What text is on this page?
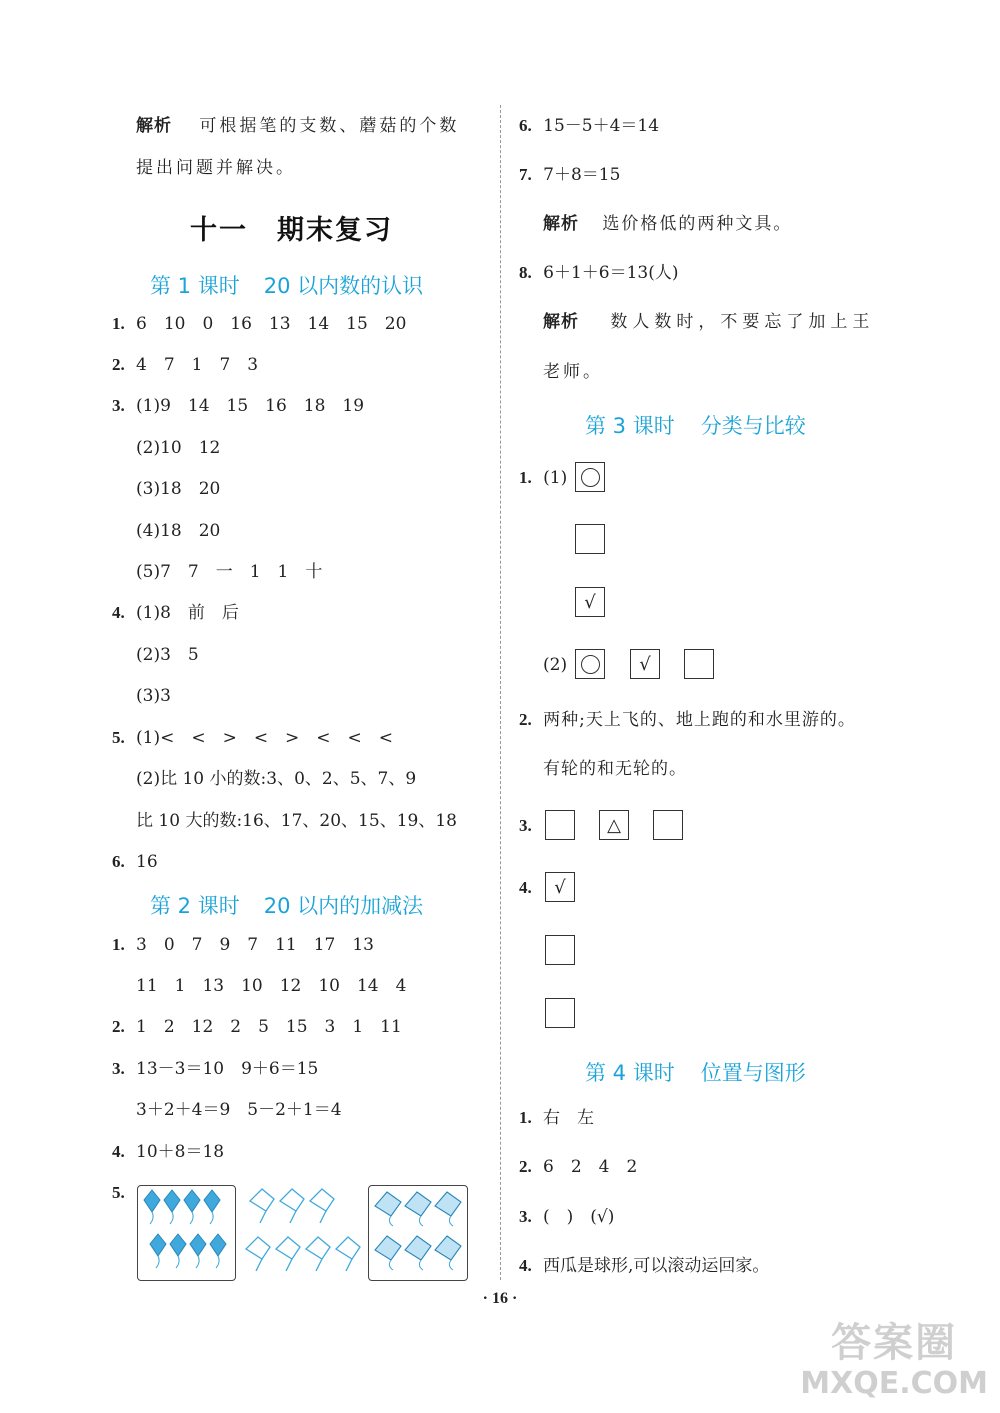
解析 可根据笔的支数、蘑菇的个数
提出问题并解决。
十一　期末复习
第 1 课时 20 以内数的认识
1. 6　10　0　16　13　14　15　20
2. 4　7　1　7　3
3. (1)9　14　15　16　18　19
(2)10　12
(3)18　20
(4)18　20
(5)7　7　一　1　1　十
4. (1)8　前　后
(2)3　5
(3)3
5. (1)<　<　>　<　>　<　<　<
(2)比 10 小的数:3、0、2、5、7、9
比 10 大的数:16、17、20、15、19、18
6. 16
第 2 课时 20 以内的加减法
1. 3　0　7　9　7　11　17　13
11　1　13　10　12　10　14　4
2. 1　2　12　2　5　15　3　1　11
3. 13－3＝10　9＋6＝15
3＋2＋4＝9　5－2＋1＝4
4. 10＋8＝18
5.
6. 15－5＋4＝14
7. 7＋8＝15
解析 选价格低的两种文具。
8. 6＋1＋6＝13(人)
解析 数人数时，不要忘了加上王
老师。
第 3 课时 分类与比较
1. (1)
√
(2)	√
2. 两种;天上飞的、地上跑的和水里游的。
有轮的和无轮的。
3.	△
4. √
第 4 课时 位置与图形
1. 右　左
2. 6　2　4　2
3. (　)　(√)
4. 西瓜是球形,可以滚动运回家。
· 16 ·
答案圈
MXQE.COM
